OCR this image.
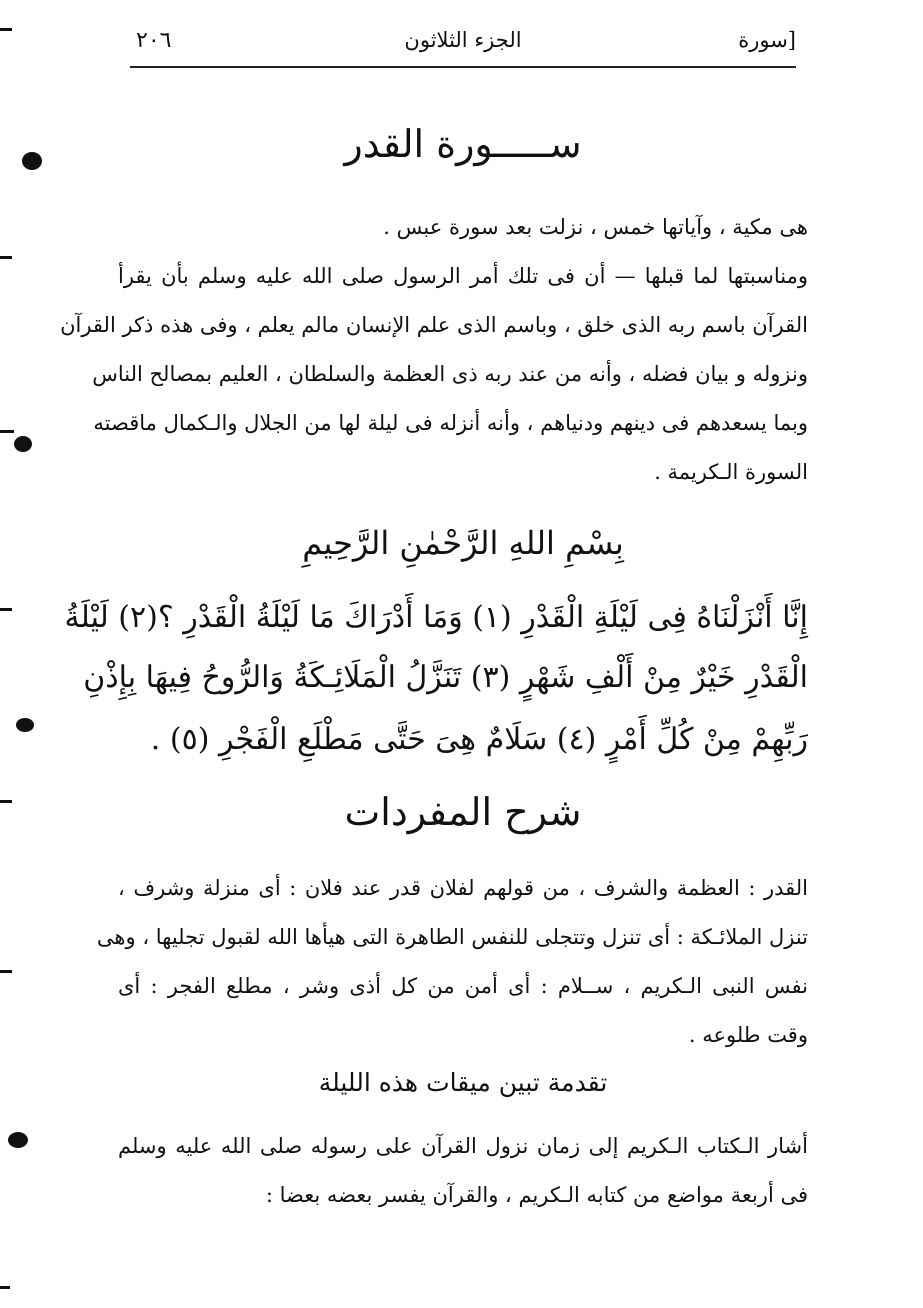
٢٠٦	الجزء الثلاثون	[سورة
ســـــورة القدر
هى مكية ، وآياتها خمس ، نزلت بعد سورة عبس .
ومناسبتها لما قبلها — أن فى تلك أمر الرسول صلى الله عليه وسلم بأن يقرأ
القرآن باسم ربه الذى خلق ، وباسم الذى علم الإنسان مالم يعلم ، وفى هذه ذكر القرآن
ونزوله و بيان فضله ، وأنه من عند ربه ذى العظمة والسلطان ، العليم بمصالح الناس
وبما يسعدهم فى دينهم ودنياهم ، وأنه أنزله فى ليلة لها من الجلال والـكمال ماقصته
السورة الـكريمة .
بِسْمِ اللهِ الرَّحْمٰنِ الرَّحِيمِ
إِنَّا أَنْزَلْنَاهُ فِى لَيْلَةِ الْقَدْرِ (١) وَمَا أَدْرَاكَ مَا لَيْلَةُ الْقَدْرِ ؟(٢) لَيْلَةُ
الْقَدْرِ خَيْرٌ مِنْ أَلْفِ شَهْرٍ (٣) تَنَزَّلُ الْمَلَائِـكَةُ وَالرُّوحُ فِيهَا بِإِذْنِ
رَبِّهِمْ مِنْ كُلِّ أَمْرٍ (٤) سَلَامٌ هِىَ حَتَّى مَطْلَعِ الْفَجْرِ (٥) .
شرح المفردات
القدر : العظمة والشرف ، من قولهم لفلان قدر عند فلان : أى منزلة وشرف ،
تنزل الملائـكة : أى تنزل وتتجلى للنفس الطاهرة التى هيأها الله لقبول تجليها ، وهى
نفس النبى الـكريم ، ســلام : أى أمن من كل أذى وشر ، مطلع الفجر : أى
وقت طلوعه .
تقدمة تبين ميقات هذه الليلة
أشار الـكتاب الـكريم إلى زمان نزول القرآن على رسوله صلى الله عليه وسلم
فى أربعة مواضع من كتابه الـكريم ، والقرآن يفسر بعضه بعضا :
